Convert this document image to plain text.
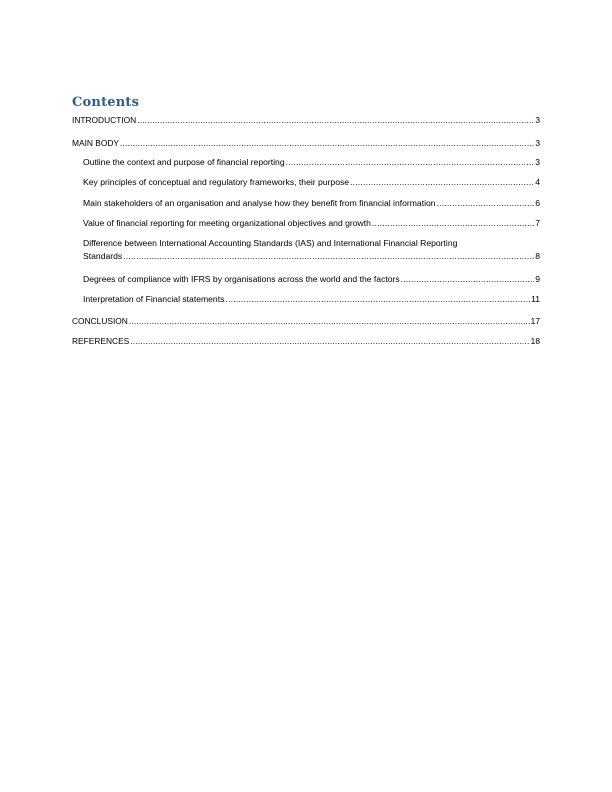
Contents
INTRODUCTION .....	3
MAIN BODY .....	3
Outline the context and purpose of financial reporting .....	3
Key principles of conceptual and regulatory frameworks, their purpose .....	4
Main stakeholders of an organisation and analyse how they benefit from financial information .....	6
Value of financial reporting for meeting organizational objectives and growth .....	7
Difference between International Accounting Standards (IAS) and International Financial Reporting
Standards .....	8
Degrees of compliance with IFRS by organisations across the world and the factors .....	9
Interpretation of Financial statements .....	11
CONCLUSION .....	17
REFERENCES .....	18
